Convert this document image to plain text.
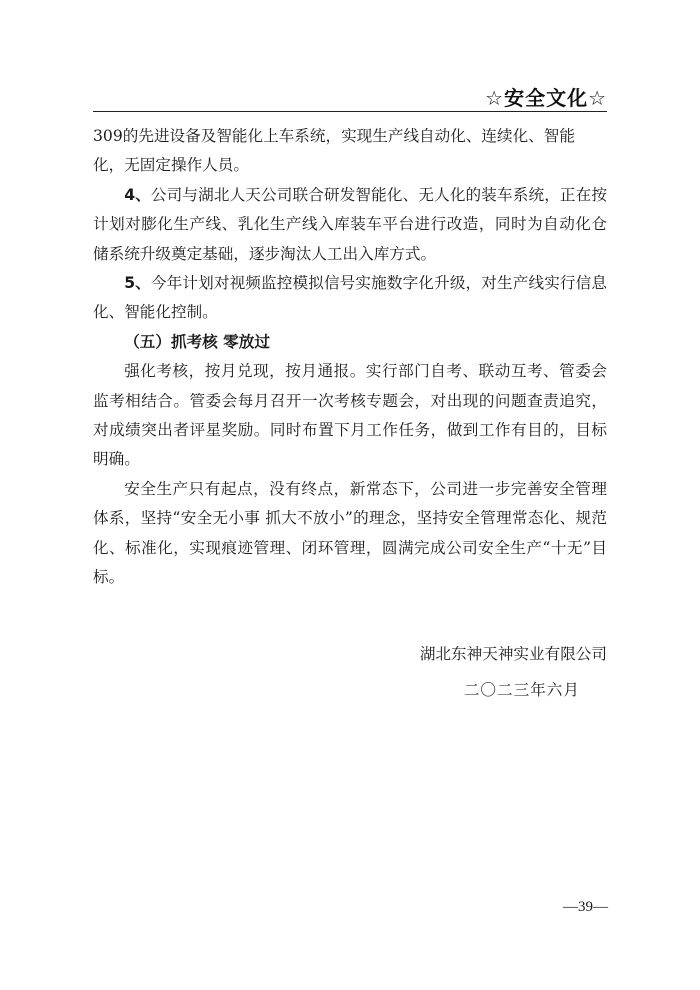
☆安全文化☆

309的先进设备及智能化上车系统，实现生产线自动化、连续化、智能

化，无固定操作人员。

4、公司与湖北人天公司联合研发智能化、无人化的装车系统，正在按计划对膨化生产线、乳化生产线入库装车平台进行改造，同时为自动化仓储系统升级奠定基础，逐步淘汰人工出入库方式。

5、今年计划对视频监控模拟信号实施数字化升级，对生产线实行信息化、智能化控制。

（五）抓考核 零放过

强化考核，按月兑现，按月通报。实行部门自考、联动互考、管委会监考相结合。管委会每月召开一次考核专题会，对出现的问题查责追究，对成绩突出者评星奖励。同时布置下月工作任务，做到工作有目的，目标明确。

安全生产只有起点，没有终点，新常态下，公司进一步完善安全管理体系，坚持“安全无小事 抓大不放小”的理念，坚持安全管理常态化、规范化、标准化，实现痕迹管理、闭环管理，圆满完成公司安全生产“十无”目标。

湖北东神天神实业有限公司
二〇二三年六月
—39—
